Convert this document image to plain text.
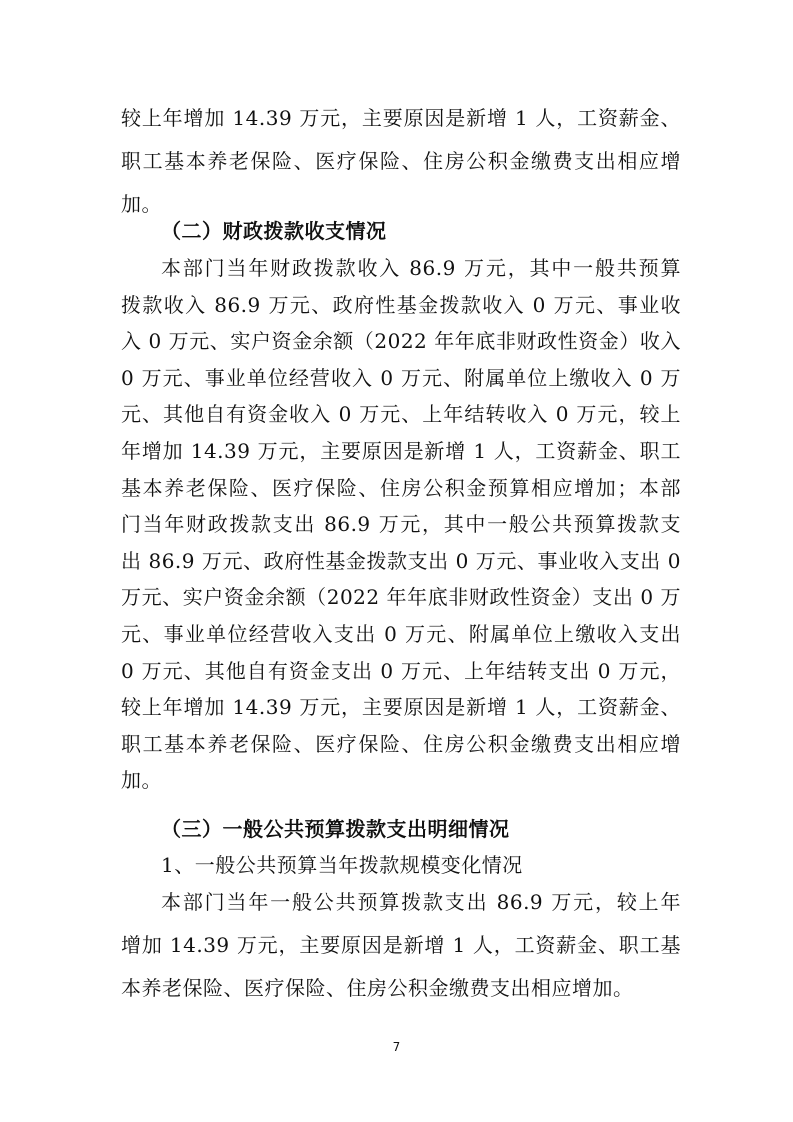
较上年增加 14.39 万元，主要原因是新增 1 人，工资薪金、
职工基本养老保险、医疗保险、住房公积金缴费支出相应增
加。
（二）财政拨款收支情况
本部门当年财政拨款收入 86.9 万元，其中一般共预算
拨款收入 86.9 万元、政府性基金拨款收入 0 万元、事业收
入 0 万元、实户资金余额（2022 年年底非财政性资金）收入
0 万元、事业单位经营收入 0 万元、附属单位上缴收入 0 万
元、其他自有资金收入 0 万元、上年结转收入 0 万元，较上
年增加 14.39 万元，主要原因是新增 1 人，工资薪金、职工
基本养老保险、医疗保险、住房公积金预算相应增加；本部
门当年财政拨款支出 86.9 万元，其中一般公共预算拨款支
出 86.9 万元、政府性基金拨款支出 0 万元、事业收入支出 0
万元、实户资金余额（2022 年年底非财政性资金）支出 0 万
元、事业单位经营收入支出 0 万元、附属单位上缴收入支出
0 万元、其他自有资金支出 0 万元、上年结转支出 0 万元，
较上年增加 14.39 万元，主要原因是新增 1 人，工资薪金、
职工基本养老保险、医疗保险、住房公积金缴费支出相应增
加。
（三）一般公共预算拨款支出明细情况
1、一般公共预算当年拨款规模变化情况
本部门当年一般公共预算拨款支出 86.9 万元，较上年
增加 14.39 万元，主要原因是新增 1 人，工资薪金、职工基
本养老保险、医疗保险、住房公积金缴费支出相应增加。
7
